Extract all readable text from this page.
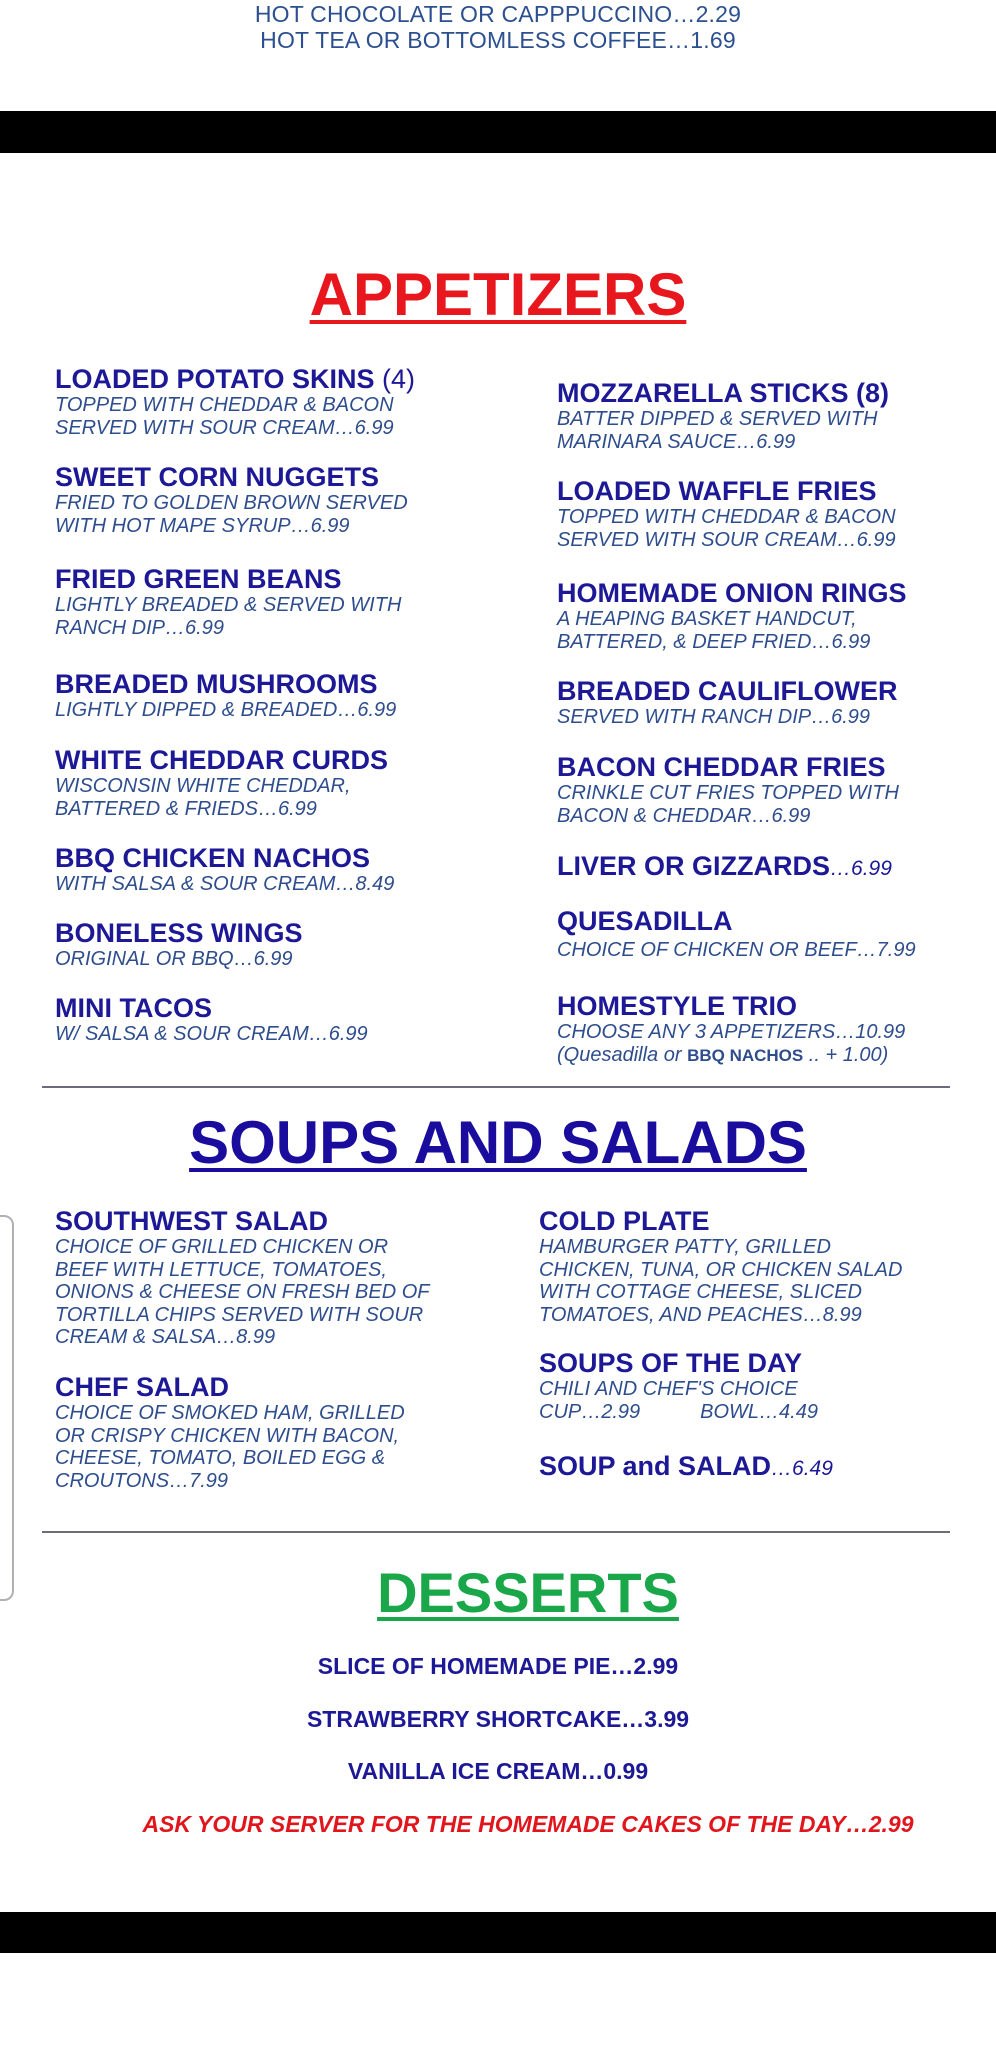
HOT CHOCOLATE OR CAPPPUCCINO…2.29
HOT TEA OR BOTTOMLESS COFFEE…1.69
APPETIZERS
LOADED POTATO SKINS (4)
TOPPED WITH CHEDDAR & BACON
SERVED WITH SOUR CREAM…6.99
SWEET CORN NUGGETS
FRIED TO GOLDEN BROWN SERVED
WITH HOT MAPE SYRUP…6.99
FRIED GREEN BEANS
LIGHTLY BREADED & SERVED WITH
RANCH DIP…6.99
BREADED MUSHROOMS
LIGHTLY DIPPED & BREADED…6.99
WHITE CHEDDAR CURDS
WISCONSIN WHITE CHEDDAR,
BATTERED & FRIEDS…6.99
BBQ CHICKEN NACHOS
WITH SALSA & SOUR CREAM…8.49
BONELESS WINGS
ORIGINAL OR BBQ…6.99
MINI TACOS
W/ SALSA & SOUR CREAM…6.99
MOZZARELLA STICKS (8)
BATTER DIPPED & SERVED WITH
MARINARA SAUCE…6.99
LOADED WAFFLE FRIES
TOPPED WITH CHEDDAR & BACON
SERVED WITH SOUR CREAM…6.99
HOMEMADE ONION RINGS
A HEAPING BASKET HANDCUT,
BATTERED, & DEEP FRIED…6.99
BREADED CAULIFLOWER
SERVED WITH RANCH DIP…6.99
BACON CHEDDAR FRIES
CRINKLE CUT FRIES TOPPED WITH
BACON & CHEDDAR…6.99
LIVER OR GIZZARDS…6.99
QUESADILLA
CHOICE OF CHICKEN OR BEEF…7.99
HOMESTYLE TRIO
CHOOSE ANY 3 APPETIZERS…10.99
(Quesadilla or BBQ NACHOS .. + 1.00)
SOUPS AND SALADS
SOUTHWEST SALAD
CHOICE OF GRILLED CHICKEN OR
BEEF WITH LETTUCE, TOMATOES,
ONIONS & CHEESE ON FRESH BED OF
TORTILLA CHIPS SERVED WITH SOUR
CREAM & SALSA…8.99
CHEF SALAD
CHOICE OF SMOKED HAM, GRILLED
OR CRISPY CHICKEN WITH BACON,
CHEESE, TOMATO, BOILED EGG &
CROUTONS…7.99
COLD PLATE
HAMBURGER PATTY, GRILLED
CHICKEN, TUNA, OR CHICKEN SALAD
WITH COTTAGE CHEESE, SLICED
TOMATOES, AND PEACHES…8.99
SOUPS OF THE DAY
CHILI AND CHEF'S CHOICE
CUP…2.99	BOWL…4.49
SOUP and SALAD…6.49
DESSERTS
SLICE OF HOMEMADE PIE…2.99
STRAWBERRY SHORTCAKE…3.99
VANILLA ICE CREAM…0.99
ASK YOUR SERVER FOR THE HOMEMADE CAKES OF THE DAY…2.99
